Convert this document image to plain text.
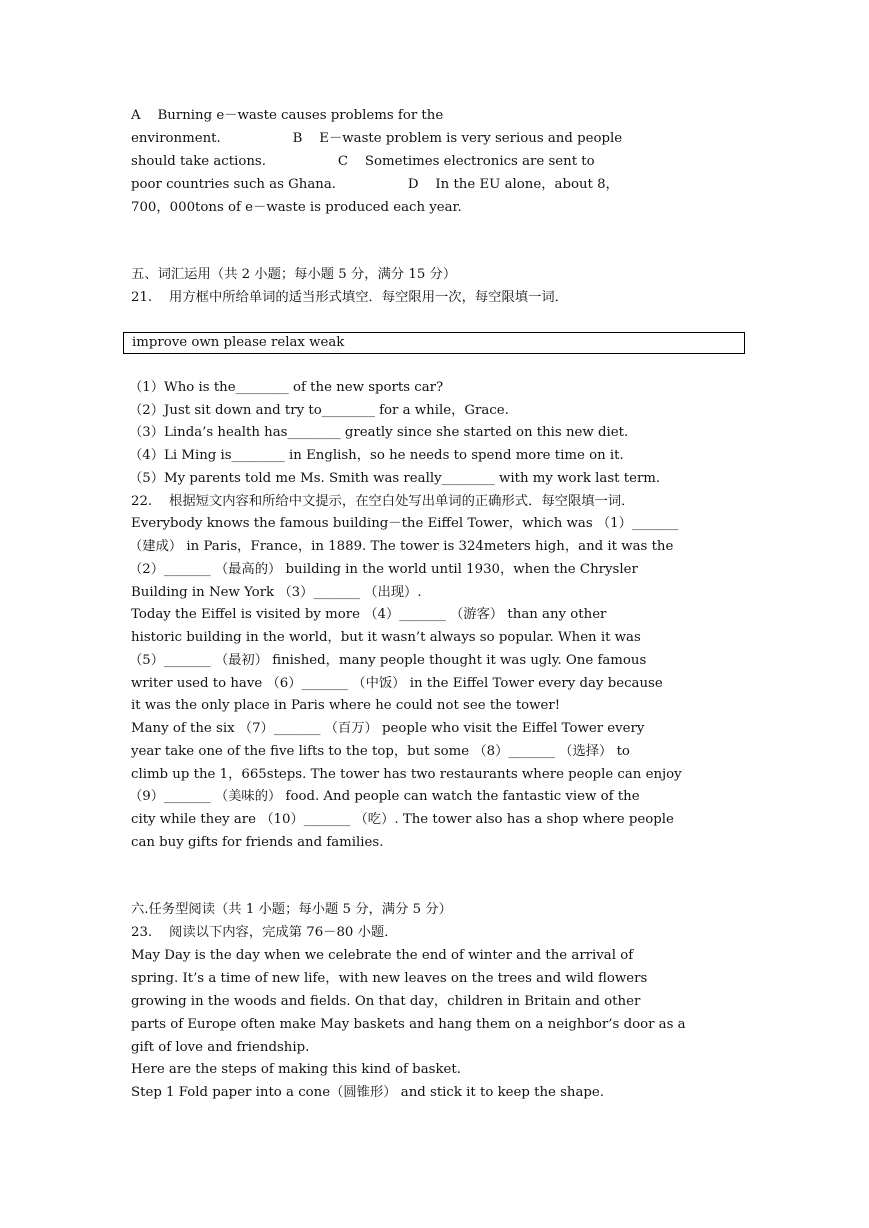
A    Burning e－waste causes problems for the
environment.                 B    E－waste problem is very serious and people
should take actions.                 C    Sometimes electronics are sent to
poor countries such as Ghana.                 D    In the EU alone，about 8，
700，000tons of e－waste is produced each year.
五、词汇运用（共 2 小题；每小题 5 分，满分 15 分）
21.    用方框中所给单词的适当形式填空．每空限用一次，每空限填一词．
improve own please relax weak
（1）Who is the________ of the new sports car?
（2）Just sit down and try to________ for a while，Grace.
（3）Linda’s health has________ greatly since she started on this new diet.
（4）Li Ming is________ in English，so he needs to spend more time on it.
（5）My parents told me Ms. Smith was really________ with my work last term.
22.    根据短文内容和所给中文提示，在空白处写出单词的正确形式．每空限填一词．
Everybody knows the famous building－the Eiffel Tower，which was （1）_______
（建成） in Paris，France，in 1889. The tower is 324meters high，and it was the
（2）_______ （最高的） building in the world until 1930，when the Chrysler
Building in New York （3）_______ （出现）.
Today the Eiffel is visited by more （4）_______ （游客） than any other
historic building in the world，but it wasn’t always so popular. When it was
（5）_______ （最初） finished，many people thought it was ugly. One famous
writer used to have （6）_______ （中饭） in the Eiffel Tower every day because
it was the only place in Paris where he could not see the tower!
Many of the six （7）_______ （百万） people who visit the Eiffel Tower every
year take one of the five lifts to the top，but some （8）_______ （选择） to
climb up the 1，665steps. The tower has two restaurants where people can enjoy
（9）_______ （美味的） food. And people can watch the fantastic view of the
city while they are （10）_______ （吃）. The tower also has a shop where people
can buy gifts for friends and families.
六.任务型阅读（共 1 小题；每小题 5 分，满分 5 分）
23.    阅读以下内容，完成第 76－80 小题．
May Day is the day when we celebrate the end of winter and the arrival of
spring. It’s a time of new life，with new leaves on the trees and wild flowers
growing in the woods and fields. On that day，children in Britain and other
parts of Europe often make May baskets and hang them on a neighbor’s door as a
gift of love and friendship.
Here are the steps of making this kind of basket.
Step 1 Fold paper into a cone（圆锥形） and stick it to keep the shape.
